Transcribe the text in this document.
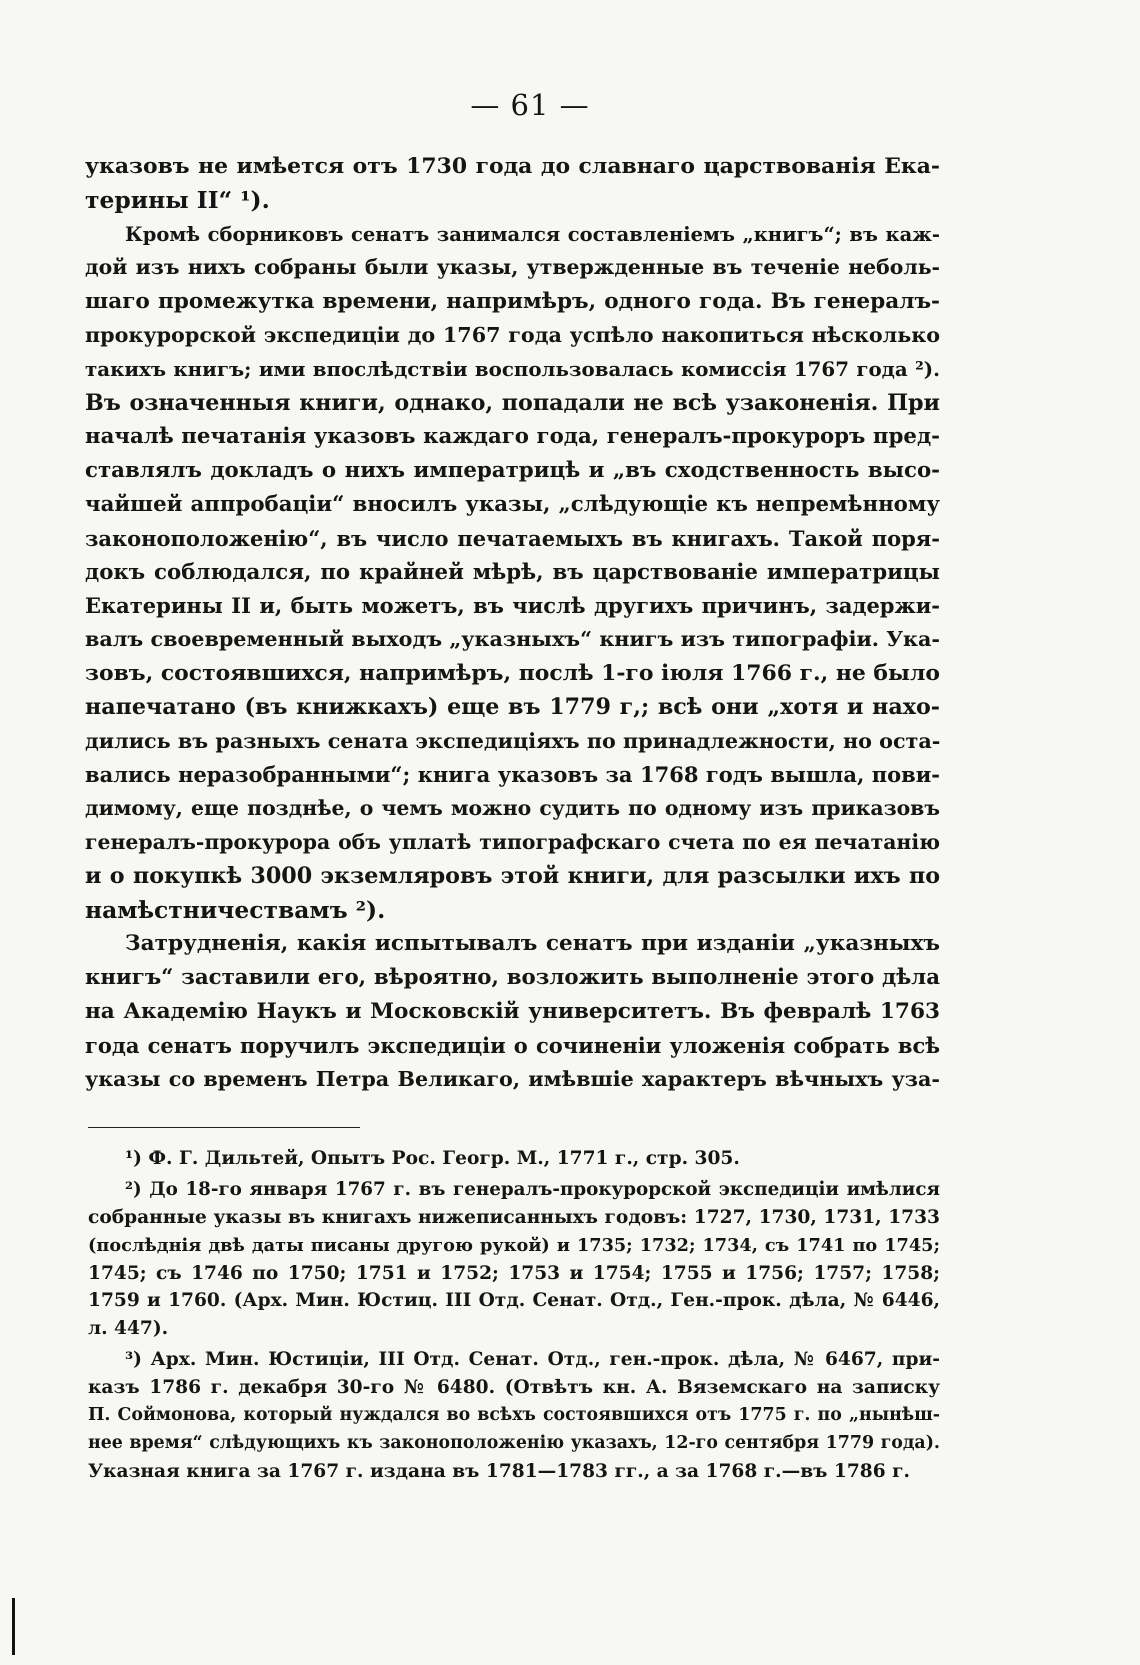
— 61 —
указовъ не имѣется отъ 1730 года до славнаго царствованія Ека-
терины II“ ¹).
Кромѣ сборниковъ сенатъ занимался составленіемъ „книгъ“; въ каж-
дой изъ нихъ собраны были указы, утвержденные въ теченіе неболь-
шаго промежутка времени, напримѣръ, одного года. Въ генералъ-
прокурорской экспедиціи до 1767 года успѣло накопиться нѣсколько
такихъ книгъ; ими впослѣдствіи воспользовалась комиссія 1767 года ²).
Въ означенныя книги, однако, попадали не всѣ узаконенія. При
началѣ печатанія указовъ каждаго года, генералъ-прокуроръ пред-
ставлялъ докладъ о нихъ императрицѣ и „въ сходственность высо-
чайшей аппробаціи“ вносилъ указы, „слѣдующіе къ непремѣнному
законоположенію“, въ число печатаемыхъ въ книгахъ. Такой поря-
докъ соблюдался, по крайней мѣрѣ, въ царствованіе императрицы
Екатерины II и, быть можетъ, въ числѣ другихъ причинъ, задержи-
валъ своевременный выходъ „указныхъ“ книгъ изъ типографіи. Ука-
зовъ, состоявшихся, напримѣръ, послѣ 1-го іюля 1766 г., не было
напечатано (въ книжкахъ) еще въ 1779 г,; всѣ они „хотя и нахо-
дились въ разныхъ сената экспедиціяхъ по принадлежности, но оста-
вались неразобранными“; книга указовъ за 1768 годъ вышла, пови-
димому, еще позднѣе, о чемъ можно судить по одному изъ приказовъ
генералъ-прокурора объ уплатѣ типографскаго счета по ея печатанію
и о покупкѣ 3000 экземляровъ этой книги, для разсылки ихъ по
намѣстничествамъ ²).
Затрудненія, какія испытывалъ сенатъ при изданіи „указныхъ
книгъ“ заставили его, вѣроятно, возложить выполненіе этого дѣла
на Академію Наукъ и Московскій университетъ. Въ февралѣ 1763
года сенатъ поручилъ экспедиціи о сочиненіи уложенія собрать всѣ
указы со временъ Петра Великаго, имѣвшіе характеръ вѣчныхъ уза-
¹) Ф. Г. Дильтей, Опытъ Рос. Геогр. М., 1771 г., стр. 305.
²) До 18-го января 1767 г. въ генералъ-прокурорской экспедиціи имѣлися
собранные указы въ книгахъ нижеписанныхъ годовъ: 1727, 1730, 1731, 1733
(послѣднія двѣ даты писаны другою рукой) и 1735; 1732; 1734, съ 1741 по 1745;
1745; съ 1746 по 1750; 1751 и 1752; 1753 и 1754; 1755 и 1756; 1757; 1758;
1759 и 1760. (Арх. Мин. Юстиц. III Отд. Сенат. Отд., Ген.-прок. дѣла, № 6446,
л. 447).
³) Арх. Мин. Юстиціи, III Отд. Сенат. Отд., ген.-прок. дѣла, № 6467, при-
казъ 1786 г. декабря 30-го № 6480. (Отвѣтъ кн. А. Вяземскаго на записку
П. Соймонова, который нуждался во всѣхъ состоявшихся отъ 1775 г. по „нынѣш-
нее время“ слѣдующихъ къ законоположенію указахъ, 12-го сентября 1779 года).
Указная книга за 1767 г. издана въ 1781—1783 гг., а за 1768 г.—въ 1786 г.
